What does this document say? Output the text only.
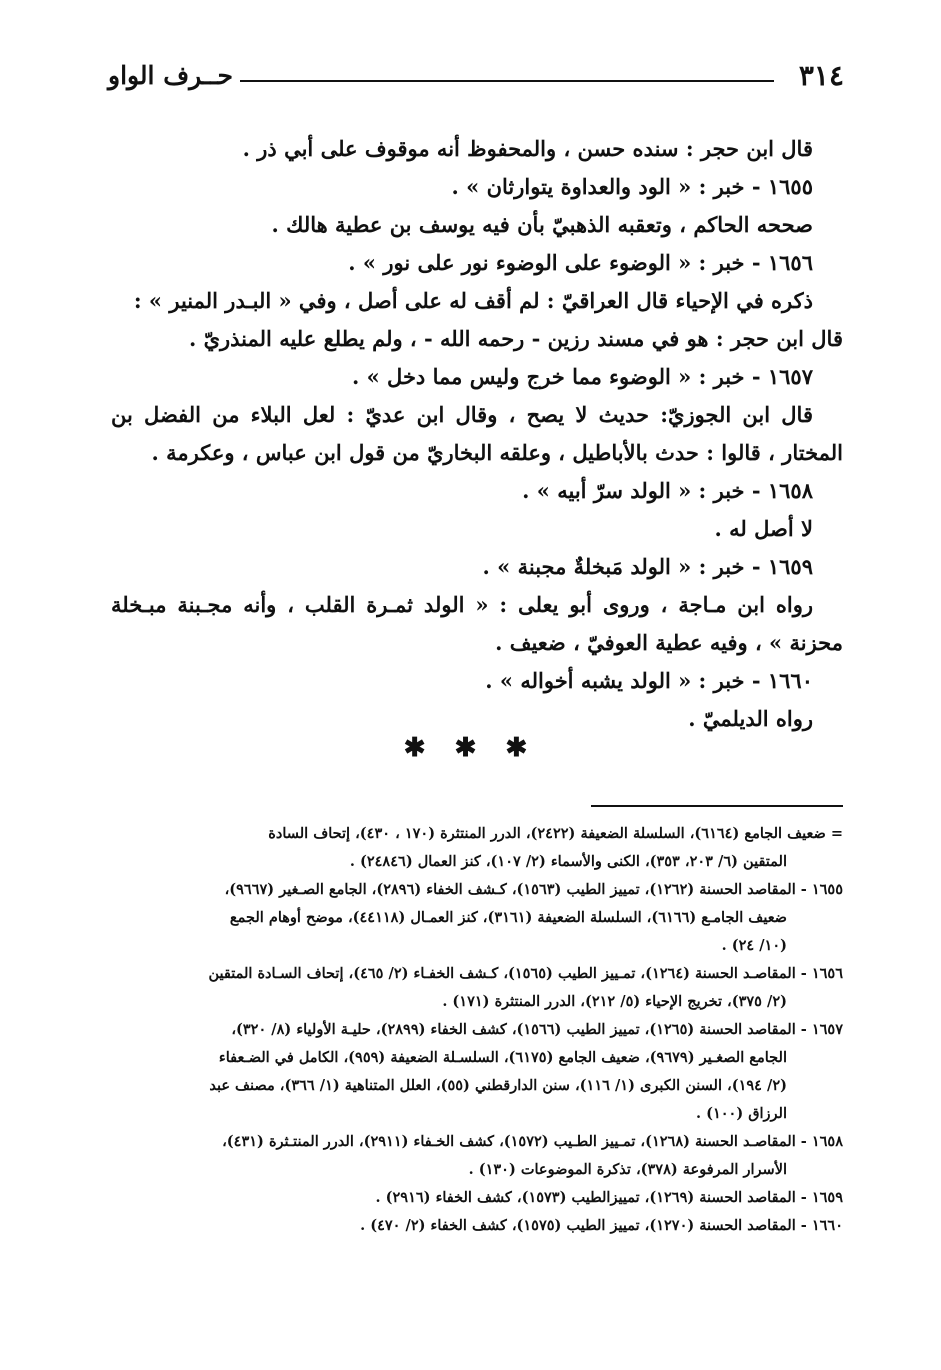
٣١٤
حــرف الواو
قال ابن حجر : سنده حسن ، والمحفوظ أنه موقوف على أبي ذر .
١٦٥٥ - خبر : « الود والعداوة يتوارثان » .
صححه الحاكم ، وتعقبه الذهبيّ بأن فيه يوسف بن عطية هالك .
١٦٥٦ - خبر : « الوضوء على الوضوء نور على نور » .
ذكره في الإحياء قال العراقيّ : لم أقف له على أصل ، وفي « البـدر المنير » :
قال ابن حجر : هو في مسند رزين - رحمه الله - ، ولم يطلع عليه المنذريّ .
١٦٥٧ - خبر : « الوضوء مما خرج وليس مما دخل » .
قال ابن الجوزيّ: حديث لا يصح ، وقال ابن عديّ : لعل البلاء من الفضل بن
المختار ، قالوا : حدث بالأباطيل ، وعلقه البخاريّ من قول ابن عباس ، وعكرمة .
١٦٥٨ - خبر : « الولد سرّ أبيه » .
لا أصل له .
١٦٥٩ - خبر : « الولد مَبخلةٌ مجبنة » .
رواه ابن مـاجة ، وروى أبو يعلى : « الولد ثمـرة القلب ، وأنه مجـبنة مبـخلة
محزنة » ، وفيه عطية العوفيّ ، ضعيف .
١٦٦٠ - خبر : « الولد يشبه أخواله » .
رواه الديلميّ .
✱ ✱ ✱
= ضعيف الجامع (٦١٦٤)، السلسلة الضعيفة (٢٤٢٢)، الدرر المنتثرة (١٧٠ ، ٤٣٠)، إتحاف السادة
المتقين (٦/ ٢٠٣، ٣٥٣)، الكنى والأسماء (٢/ ١٠٧)، كنز العمال (٢٤٨٤٦) .
١٦٥٥ - المقاصد الحسنة (١٢٦٢)، تمييز الطيب (١٥٦٣)، كـشف الخفاء (٢٨٩٦)، الجامع الصـغير (٩٦٦٧)،
ضعيف الجامـع (٦١٦٦)، السلسلة الضعيفة (٣١٦١)، كنز العمـال (٤٤١١٨)، موضح أوهام الجمع
(١٠/ ٢٤) .
١٦٥٦ - المقاصـد الحسنة (١٢٦٤)، تمـييز الطيب (١٥٦٥)، كـشف الخفـاء (٢/ ٤٦٥)، إتحاف السـادة المتقين
(٢/ ٣٧٥)، تخريج الإحياء (٥/ ٢١٢)، الدرر المنتثرة (١٧١) .
١٦٥٧ - المقاصد الحسنة (١٢٦٥)، تمييز الطيب (١٥٦٦)، كشف الخفاء (٢٨٩٩)، حليـة الأولياء (٨/ ٣٢٠)،
الجامع الصغـير (٩٦٧٩)، ضعيف الجامع (٦١٧٥)، السلسـلة الضعيفة (٩٥٩)، الكامل في الضـعفاء
(٢/ ١٩٤)، السنن الكبرى (١/ ١١٦)، سنن الدارقطني (٥٥)، العلل المتناهية (١/ ٣٦٦)، مصنف عبد
الرزاق (١٠٠) .
١٦٥٨ - المقاصـد الحسنة (١٢٦٨)، تمـييز الطـيب (١٥٧٢)، كشف الخـفاء (٢٩١١)، الدرر المنتـثرة (٤٣١)،
الأسرار المرفوعة (٣٧٨)، تذكرة الموضوعات (١٣٠) .
١٦٥٩ - المقاصد الحسنة (١٢٦٩)، تمييزالطيب (١٥٧٣)، كشف الخفاء (٢٩١٦) .
١٦٦٠ - المقاصد الحسنة (١٢٧٠)، تمييز الطيب (١٥٧٥)، كشف الخفاء (٢/ ٤٧٠) .
